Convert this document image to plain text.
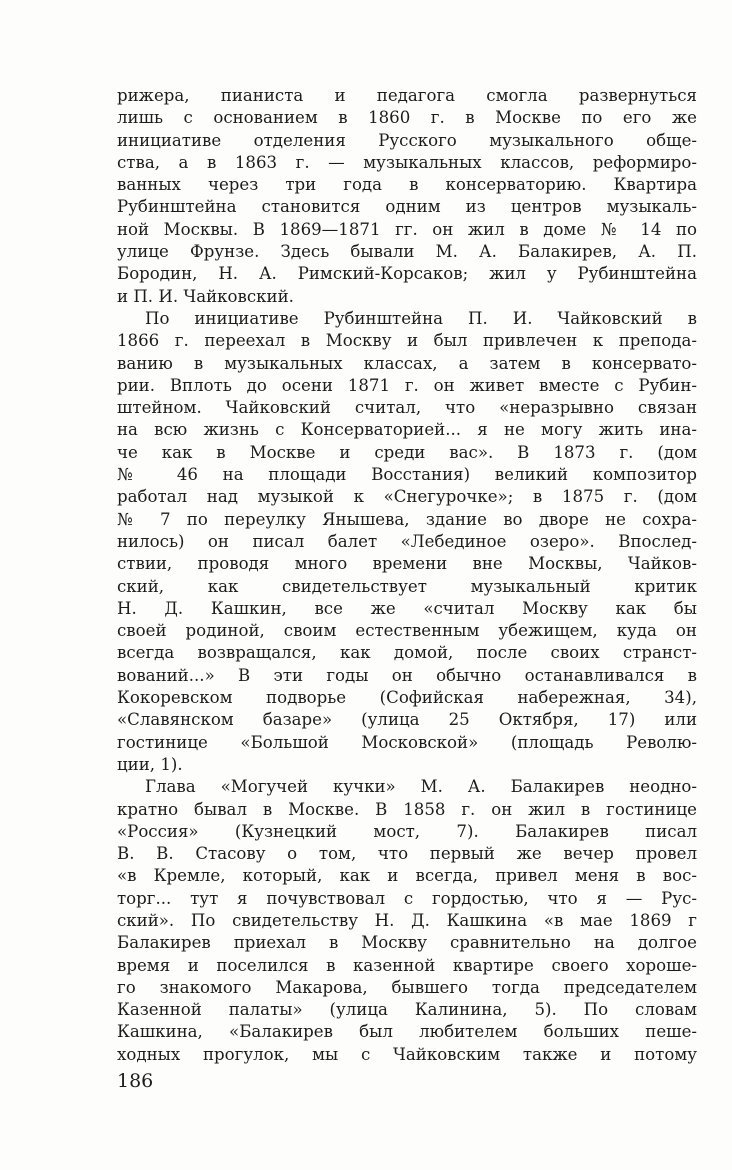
рижера, пианиста и педагога смогла развернуться
лишь с основанием в 1860 г. в Москве по его же
инициативе отделения Русского музыкального обще-
ства, а в 1863 г. — музыкальных классов, реформиро-
ванных через три года в консерваторию. Квартира
Рубинштейна становится одним из центров музыкаль-
ной Москвы. В 1869—1871 гг. он жил в доме № 14 по
улице Фрунзе. Здесь бывали М. А. Балакирев, А. П.
Бородин, Н. А. Римский-Корсаков; жил у Рубинштейна
и П. И. Чайковский.
По инициативе Рубинштейна П. И. Чайковский в
1866 г. переехал в Москву и был привлечен к препода-
ванию в музыкальных классах, а затем в консервато-
рии. Вплоть до осени 1871 г. он живет вместе с Рубин-
штейном. Чайковский считал, что «неразрывно связан
на всю жизнь с Консерваторией... я не могу жить ина-
че как в Москве и среди вас». В 1873 г. (дом
№ 46 на площади Восстания) великий композитор
работал над музыкой к «Снегурочке»; в 1875 г. (дом
№ 7 по переулку Янышева, здание во дворе не сохра-
нилось) он писал балет «Лебединое озеро». Впослед-
ствии, проводя много времени вне Москвы, Чайков-
ский, как свидетельствует музыкальный критик
Н. Д. Кашкин, все же «считал Москву как бы
своей родиной, своим естественным убежищем, куда он
всегда возвращался, как домой, после своих странст-
вований...» В эти годы он обычно останавливался в
Кокоревском подворье (Софийская набережная, 34),
«Славянском базаре» (улица 25 Октября, 17) или
гостинице «Большой Московской» (площадь Револю-
ции, 1).
Глава «Могучей кучки» М. А. Балакирев неодно-
кратно бывал в Москве. В 1858 г. он жил в гостинице
«Россия» (Кузнецкий мост, 7). Балакирев писал
В. В. Стасову о том, что первый же вечер провел
«в Кремле, который, как и всегда, привел меня в вос-
торг... тут я почувствовал с гордостью, что я — Рус-
ский». По свидетельству Н. Д. Кашкина «в мае 1869 г
Балакирев приехал в Москву сравнительно на долгое
время и поселился в казенной квартире своего хороше-
го знакомого Макарова, бывшего тогда председателем
Казенной палаты» (улица Калинина, 5). По словам
Кашкина, «Балакирев был любителем больших пеше-
ходных прогулок, мы с Чайковским также и потому
186
